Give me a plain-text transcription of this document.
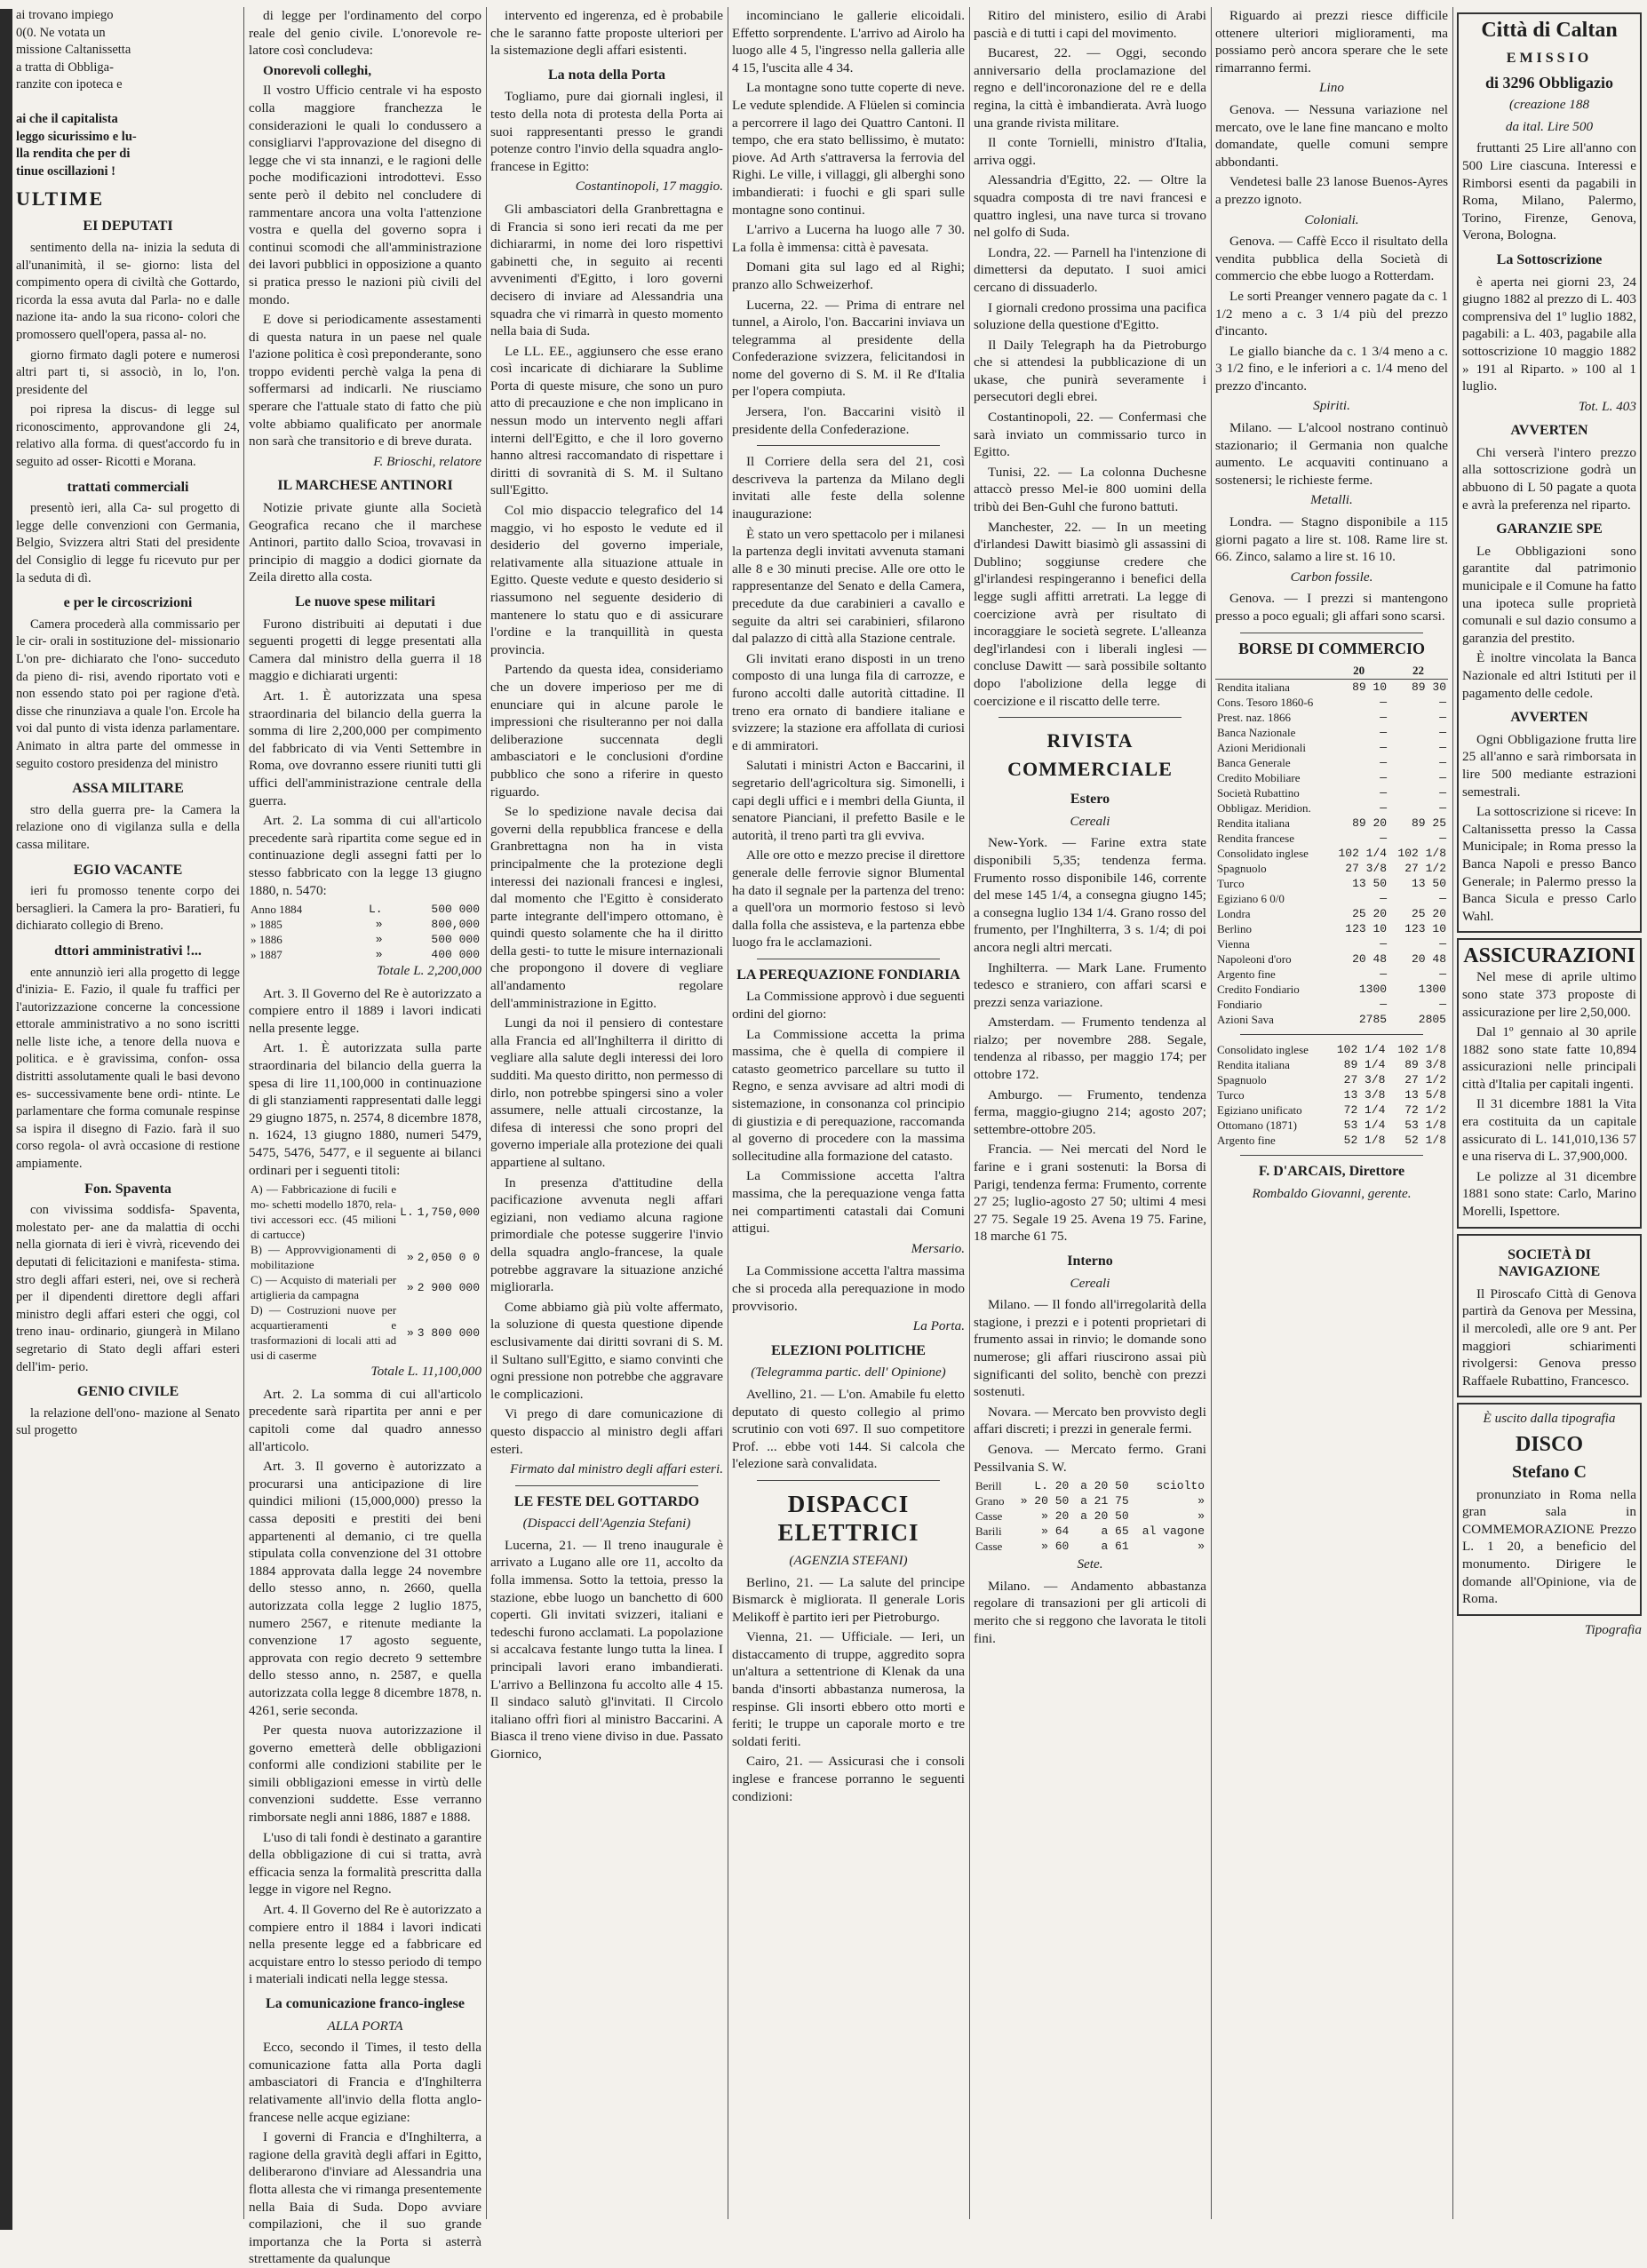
ai trovano impiego
0(0. Ne votata un
missione Caltanissetta
a tratta di Obbliga-
ranzite con ipoteca e
ai che il capitalista
leggo sicurissimo e lu-
lla rendita che per di
tinue oscillazioni !
ULTIME
EI DEPUTATI

sentimento della na- inizia la seduta di all'unanimità, il se- giorno: lista del compimento opera di civiltà che Gottardo, ricorda la essa avuta dal Parla- no e dalle nazione ita- ando la sua ricono- colori che promossero quell'opera, passa al- no.

giorno firmato dagli potere e numerosi altri part ti, si associò, in lo, l'on. presidente del

poi ripresa la discus- di legge sul riconoscimento, approvandone gli 24, relativo alla forma. di quest'accordo fu in seguito ad osser- Ricotti e Morana.

trattati commerciali

presentò ieri, alla Ca- sul progetto di legge delle convenzioni con Germania, Belgio, Svizzera altri Stati del presidente del Consiglio di legge fu ricevuto pur per la seduta di dì.

e per le circoscrizioni

Camera procederà alla commissario per le cir- orali in sostituzione del- missionario L'on pre- dichiarato che l'ono- succeduto da pieno di- risi, avendo riportato voti e non essendo stato poi per ragione d'età. disse che rinunziava a quale l'on. Ercole ha voi dal punto di vista idenza parlamentare. Animato in altra parte del ommesse in seguito costoro presidenza del ministro

ASSA MILITARE

stro della guerra pre- la Camera la relazione ono di vigilanza sulla e della cassa militare.

EGIO VACANTE

ieri fu promosso tenente corpo dei bersaglieri. la Camera la pro- Baratieri, fu dichiarato collegio di Breno.

dttori amministrativi !...

ente annunziò ieri alla progetto di legge d'inizia- E. Fazio, il quale fu traffici per l'autorizzazione concerne la concessione ettorale amministrativo a no sono iscritti nelle liste iche, a tenore della nuova e politica. e è gravissima, confon- ossa distritti assolutamente quali le basi devono es- successivamente bene ordi- ntinte. Le parlamentare che forma comunale respinse sa ispira il disegno di Fazio. farà il suo corso regola- ol avrà occasione di restione ampiamente.

Fon. Spaventa

con vivissima soddisfa- Spaventa, molestato per- ane da malattia di occhi nella giornata di ieri è vivrà, ricevendo dei deputati di felicitazioni e manifesta- stima. stro degli affari esteri, nei, ove si recherà per il dipendenti direttore degli affari ministro degli affari esteri che oggi, col treno inau- ordinario, giungerà in Milano segretario di Stato degli affari esteri dell'im- perio.

GENIO CIVILE

la relazione dell'ono- mazione al Senato sul progetto

di legge per l'ordinamento del corpo reale del genio civile. L'onorevole re- latore così concludeva:

Onorevoli colleghi,

Il vostro Ufficio centrale vi ha esposto colla maggiore franchezza le considerazioni le quali lo condussero a consigliarvi l'approvazione del disegno di legge che vi sta innanzi, e le ragioni delle poche modificazioni introdottevi. Esso sente però il debito nel concludere di rammentare ancora una volta l'attenzione vostra e quella del governo sopra i continui scomodi che all'amministrazione dei lavori pubblici in opposizione a quanto si pratica presso le nazioni più civili del mondo.

E dove si periodicamente assestamenti di questa natura in un paese nel quale l'azione politica è così preponderante, sono troppo evidenti perchè valga la pena di soffermarsi ad indicarli. Ne riusciamo sperare che l'attuale stato di fatto che più volte abbiamo qualificato per anormale non sarà che transitorio e di breve durata.

F. Brioschi, relatore
IL MARCHESE ANTINORI

Notizie private giunte alla Società Geografica recano che il marchese Antinori, partito dallo Scioa, trovavasi in principio di maggio a dodici giornate da Zeila diretto alla costa.

Le nuove spese militari

Furono distribuiti ai deputati i due seguenti progetti di legge presentati alla Camera dal ministro della guerra il 18 maggio e dichiarati urgenti:

Art. 1. È autorizzata una spesa straordinaria del bilancio della guerra la somma di lire 2,200,000 per compimento del fabbricato di via Venti Settembre in Roma, ove dovranno essere riuniti tutti gli uffici dell'amministrazione centrale della guerra.

Art. 2. La somma di cui all'articolo precedente sarà ripartita come segue ed in continuazione degli assegni fatti per lo stesso fabbricato con la legge 13 giugno 1880, n. 5470:

Anno 1884	L.	500 000
» 1885	»	800,000
» 1886	»	500 000
» 1887	»	400 000
Totale L. 2,200,000

Art. 3. Il Governo del Re è autorizzato a compiere entro il 1889 i lavori indicati nella presente legge.

Art. 1. È autorizzata sulla parte straordinaria del bilancio della guerra la spesa di lire 11,100,000 in continuazione di gli stanziamenti rappresentati dalle leggi 29 giugno 1875, n. 2574, 8 dicembre 1878, n. 1624, 13 giugno 1880, numeri 5479, 5475, 5476, 5477, e il seguente ai bilanci ordinari per i seguenti titoli:

A) — Fabbricazione di fucili e mo- schetti modello 1870, rela- tivi accessori ecc. (45 milioni di cartucce)	L.	1,750,000
B) — Approvvigionamenti di mobilitazione	»	2,050 0 0
C) — Acquisto di materiali per artiglieria da campagna	»	2 900 000
D) — Costruzioni nuove per acquartieramenti e trasformazioni di locali atti ad usi di caserme	»	3 800 000
Totale L. 11,100,000

Art. 2. La somma di cui all'articolo precedente sarà ripartita per anni e per capitoli come dal quadro annesso all'articolo.

Art. 3. Il governo è autorizzato a procurarsi una anticipazione di lire quindici milioni (15,000,000) presso la cassa depositi e prestiti dei beni appartenenti al demanio, ci tre quella stipulata colla convenzione del 31 ottobre 1884 approvata dalla legge 24 novembre dello stesso anno, n. 2660, quella autorizzata colla legge 2 luglio 1875, numero 2567, e ritenute mediante la convenzione 17 agosto seguente, approvata con regio decreto 9 settembre dello stesso anno, n. 2587, e quella autorizzata colla legge 8 dicembre 1878, n. 4261, serie seconda.

Per questa nuova autorizzazione il governo emetterà delle obbligazioni conformi alle condizioni stabilite per le simili obbligazioni emesse in virtù delle convenzioni suddette. Esse verranno rimborsate negli anni 1886, 1887 e 1888.

L'uso di tali fondi è destinato a garantire della obbligazione di cui si tratta, avrà efficacia senza la formalità prescritta dalla legge in vigore nel Regno.

Art. 4. Il Governo del Re è autorizzato a compiere entro il 1884 i lavori indicati nella presente legge ed a fabbricare ed acquistare entro lo stesso periodo di tempo i materiali indicati nella legge stessa.

La comunicazione franco-inglese
ALLA PORTA

Ecco, secondo il Times, il testo della comunicazione fatta alla Porta dagli ambasciatori di Francia e d'Inghilterra relativamente all'invio della flotta anglo-francese nelle acque egiziane:

I governi di Francia e d'Inghilterra, a ragione della gravità degli affari in Egitto, deliberarono d'inviare ad Alessandria una flotta allesta che vi rimanga presentemente nella Baia di Suda. Dopo avviare compilazioni, che il suo grande importanza che la Porta si asterrà strettamente da qualunque

intervento ed ingerenza, ed è probabile che le saranno fatte proposte ulteriori per la sistemazione degli affari esistenti.

La nota della Porta

Togliamo, pure dai giornali inglesi, il testo della nota di protesta della Porta ai suoi rappresentanti presso le grandi potenze contro l'invio della squadra anglo-francese in Egitto:

Costantinopoli, 17 maggio.

Gli ambasciatori della Granbrettagna e di Francia si sono ieri recati da me per dichiararmi, in nome dei loro rispettivi gabinetti che, in seguito ai recenti avvenimenti d'Egitto, i loro governi decisero di inviare ad Alessandria una squadra che vi rimarrà in questo momento nella baia di Suda.

Le LL. EE., aggiunsero che esse erano così incaricate di dichiarare la Sublime Porta di queste misure, che sono un puro atto di precauzione e che non implicano in nessun modo un intervento negli affari interni dell'Egitto, e che il loro governo hanno altresi raccomandato di rispettare i diritti di sovranità di S. M. il Sultano sull'Egitto.

Col mio dispaccio telegrafico del 14 maggio, vi ho esposto le vedute ed il desiderio del governo imperiale, relativamente alla situazione attuale in Egitto. Queste vedute e questo desiderio si riassumono nel seguente desiderio di mantenere lo statu quo e di assicurare l'ordine e la tranquillità in questa provincia.

Partendo da questa idea, consideriamo che un dovere imperioso per me di enunciare qui in alcune parole le impressioni che risulteranno per noi dalla deliberazione succennata degli ambasciatori e le conclusioni d'ordine pubblico che sono a riferire in questo riguardo.

Se lo spedizione navale decisa dai governi della repubblica francese e della Granbrettagna non ha in vista principalmente che la protezione degli interessi dei nazionali francesi e inglesi, dal momento che l'Egitto è considerato parte integrante dell'impero ottomano, è quindi questo solamente che ha il diritto della gesti- to tutte le misure internazionali che propongono il dovere di vegliare all'andamento regolare dell'amministrazione in Egitto.

Lungi da noi il pensiero di contestare alla Francia ed all'Inghilterra il diritto di vegliare alla salute degli interessi dei loro sudditi. Ma questo diritto, non permesso di dirlo, non potrebbe spingersi sino a voler assumere, nelle attuali circostanze, la difesa di interessi che sono propri del governo imperiale alla protezione dei quali appartiene al sultano.

In presenza d'attitudine della pacificazione avvenuta negli affari egiziani, non vediamo alcuna ragione primordiale che potesse suggerire l'invio della squadra anglo-francese, la quale potrebbe aggravare la situazione anziché migliorarla.

Come abbiamo già più volte affermato, la soluzione di questa questione dipende esclusivamente dai diritti sovrani di S. M. il Sultano sull'Egitto, e siamo convinti che ogni pressione non potrebbe che aggravare le complicazioni.

Vi prego di dare comunicazione di questo dispaccio al ministro degli affari esteri.

Firmato dal ministro degli affari esteri.
LE FESTE DEL GOTTARDO
(Dispacci dell'Agenzia Stefani)

Lucerna, 21. — Il treno inaugurale è arrivato a Lugano alle ore 11, accolto da folla immensa. Sotto la tettoia, presso la stazione, ebbe luogo un banchetto di 600 coperti. Gli invitati svizzeri, italiani e tedeschi furono acclamati. La popolazione si accalcava festante lungo tutta la linea. I principali lavori erano imbandierati. L'arrivo a Bellinzona fu accolto alle 4 15. Il sindaco salutò gl'invitati. Il Circolo italiano offrì fiori al ministro Baccarini. A Biasca il treno viene diviso in due. Passato Giornico,

incominciano le gallerie elicoidali. Effetto sorprendente. L'arrivo ad Airolo ha luogo alle 4 5, l'ingresso nella galleria alle 4 15, l'uscita alle 4 34.

La montagne sono tutte coperte di neve. Le vedute splendide. A Flüelen si comincia a percorrere il lago dei Quattro Cantoni. Il tempo, che era stato bellissimo, è mutato: piove. Ad Arth s'attraversa la ferrovia del Righi. Le ville, i villaggi, gli alberghi sono imbandierati: i fuochi e gli spari sulle montagne sono continui.

L'arrivo a Lucerna ha luogo alle 7 30. La folla è immensa: città è pavesata.

Domani gita sul lago ed al Righi; pranzo allo Schweizerhof.

Lucerna, 22. — Prima di entrare nel tunnel, a Airolo, l'on. Baccarini inviava un telegramma al presidente della Confederazione svizzera, felicitandosi in nome del governo di S. M. il Re d'Italia per l'opera compiuta.

Jersera, l'on. Baccarini visitò il presidente della Confederazione.

Il Corriere della sera del 21, così descriveva la partenza da Milano degli invitati alle feste della solenne inaugurazione:

È stato un vero spettacolo per i milanesi la partenza degli invitati avvenuta stamani alle 8 e 30 minuti precise. Alle ore otto le rappresentanze del Senato e della Camera, precedute da due carabinieri a cavallo e seguite da altri sei carabinieri, sfilarono dal palazzo di città alla Stazione centrale.

Gli invitati erano disposti in un treno composto di una lunga fila di carrozze, e furono accolti dalle autorità cittadine. Il treno era ornato di bandiere italiane e svizzere; la stazione era affollata di curiosi e di ammiratori.

Salutati i ministri Acton e Baccarini, il segretario dell'agricoltura sig. Simonelli, i capi degli uffici e i membri della Giunta, il senatore Pianciani, il prefetto Basile e le autorità, il treno partì tra gli evviva.

Alle ore otto e mezzo precise il direttore generale delle ferrovie signor Blumental ha dato il segnale per la partenza del treno: a quell'ora un mormorio festoso si levò dalla folla che assisteva, e la partenza ebbe luogo fra le acclamazioni.

LA PEREQUAZIONE FONDIARIA

La Commissione approvò i due seguenti ordini del giorno:

La Commissione accetta la prima massima, che è quella di compiere il catasto geometrico parcellare su tutto il Regno, e senza avvisare ad altri modi di sistemazione, in consonanza col principio di giustizia e di perequazione, raccomanda al governo di procedere con la massima sollecitudine alla formazione del catasto.

La Commissione accetta l'altra massima, che la perequazione venga fatta nei compartimenti catastali dai Comuni attigui.

Mersario.

La Commissione accetta l'altra massima che si proceda alla perequazione in modo provvisorio.

La Porta.
ELEZIONI POLITICHE
(Telegramma partic. dell' Opinione)

Avellino, 21. — L'on. Amabile fu eletto deputato di questo collegio al primo scrutinio con voti 697. Il suo competitore Prof. ... ebbe voti 144. Si calcola che l'elezione sarà convalidata.

DISPACCI ELETTRICI
(AGENZIA STEFANI)

Berlino, 21. — La salute del principe Bismarck è migliorata. Il generale Loris Melikoff è partito ieri per Pietroburgo.

Vienna, 21. — Ufficiale. — Ieri, un distaccamento di truppe, aggredito sopra un'altura a settentrione di Klenak da una banda d'insorti abbastanza numerosa, la respinse. Gli insorti ebbero otto morti e feriti; le truppe un caporale morto e tre soldati feriti.

Cairo, 21. — Assicurasi che i consoli inglese e francese porranno le seguenti condizioni:

Ritiro del ministero, esilio di Arabi pascià e di tutti i capi del movimento.

Bucarest, 22. — Oggi, secondo anniversario della proclamazione del regno e dell'incoronazione del re e della regina, la città è imbandierata. Avrà luogo una grande rivista militare.

Il conte Tornielli, ministro d'Italia, arriva oggi.

Alessandria d'Egitto, 22. — Oltre la squadra composta di tre navi francesi e quattro inglesi, una nave turca si trovano nel golfo di Suda.

Londra, 22. — Parnell ha l'intenzione di dimettersi da deputato. I suoi amici cercano di dissuaderlo.

I giornali credono prossima una pacifica soluzione della questione d'Egitto.

Il Daily Telegraph ha da Pietroburgo che si attendesi la pubblicazione di un ukase, che punirà severamente i persecutori degli ebrei.

Costantinopoli, 22. — Confermasi che sarà inviato un commissario turco in Egitto.

Tunisi, 22. — La colonna Duchesne attaccò presso Mel-ie 800 uomini della tribù dei Ben-Guhl che furono battuti.

Manchester, 22. — In un meeting d'irlandesi Dawitt biasimò gli assassini di Dublino; soggiunse credere che gl'irlandesi respingeranno i benefici della legge sugli affitti arretrati. La legge di coercizione avrà per risultato di incoraggiare le società segrete. L'alleanza degl'irlandesi con i liberali inglesi — concluse Dawitt — sarà possibile soltanto dopo l'abolizione della legge di coercizione e il riscatto delle terre.

RIVISTA COMMERCIALE
Estero
Cereali

New-York. — Farine extra state disponibili 5,35; tendenza ferma. Frumento rosso disponibile 146, corrente del mese 145 1/4, a consegna giugno 145; a consegna luglio 134 1/4. Grano rosso del frumento, per l'Inghilterra, 3 s. 1/4; di poi ancora negli altri mercati.

Inghilterra. — Mark Lane. Frumento tedesco e straniero, con affari scarsi e prezzi senza variazione.

Amsterdam. — Frumento tendenza al rialzo; per novembre 288. Segale, tendenza al ribasso, per maggio 174; per ottobre 172.

Amburgo. — Frumento, tendenza ferma, maggio-giugno 214; agosto 207; settembre-ottobre 205.

Francia. — Nei mercati del Nord le farine e i grani sostenuti: la Borsa di Parigi, tendenza ferma: Frumento, corrente 27 25; luglio-agosto 27 50; ultimi 4 mesi 27 75. Segale 19 25. Avena 19 75. Farine, 18 marche 61 75.

Interno
Cereali

Milano. — Il fondo all'irregolarità della stagione, i prezzi e i potenti proprietari di frumento assai in rinvio; le domande sono numerose; gli affari riuscirono assai più significanti del solito, benchè con prezzi sostenuti.

Novara. — Mercato ben provvisto degli affari discreti; i prezzi in generale fermi.

Genova. — Mercato fermo. Grani Pessilvania S. W.

Berill	L. 20	a 20 50	sciolto
Grano	» 20 50	a 21 75	»
Casse	» 20	a 20 50	»
Barili	» 64	a 65	al vagone
Casse	» 60	a 61	»
Sete.

Milano. — Andamento abbastanza regolare di transazioni per gli articoli di merito che si reggono che lavorata le titoli fini.

Riguardo ai prezzi riesce difficile ottenere ulteriori miglioramenti, ma possiamo però ancora sperare che le sete rimarranno fermi.

Lino

Genova. — Nessuna variazione nel mercato, ove le lane fine mancano e molto domandate, quelle comuni sempre abbondanti.

Vendetesi balle 23 lanose Buenos-Ayres a prezzo ignoto.

Coloniali.

Genova. — Caffè Ecco il risultato della vendita pubblica della Società di commercio che ebbe luogo a Rotterdam.

Le sorti Preanger vennero pagate da c. 1 1/2 meno a c. 3 1/4 più del prezzo d'incanto.

Le giallo bianche da c. 1 3/4 meno a c. 3 1/2 fino, e le inferiori a c. 1/4 meno del prezzo d'incanto.

Spiriti.

Milano. — L'alcool nostrano continuò stazionario; il Germania non qualche aumento. Le acquaviti continuano a sostenersi; le richieste ferme.

Metalli.

Londra. — Stagno disponibile a 115 giorni pagato a lire st. 108. Rame lire st. 66. Zinco, salamo a lire st. 16 10.

Carbon fossile.

Genova. — I prezzi si mantengono presso a poco eguali; gli affari sono scarsi.

BORSE DI COMMERCIO
	20	22
Rendita italiana	89 10	89 30
Cons. Tesoro 1860-6	—	—
Prest. naz. 1866	—	—
Banca Nazionale	—	—
Azioni Meridionali	—	—
Banca Generale	—	—
Credito Mobiliare	—	—
Società Rubattino	—	—
Obbligaz. Meridion.	—	—
Rendita italiana	89 20	89 25
Rendita francese	—	—
Consolidato inglese	102 1/4	102 1/8
Spagnuolo	27 3/8	27 1/2
Turco	13 50	13 50
Egiziano 6 0/0	—	—
Londra	25 20	25 20
Berlino	123 10	123 10
Vienna	—	—
Napoleoni d'oro	20 48	20 48
Argento fine	—	—
Credito Fondiario	1300	1300
Fondiario	—	—
Azioni Sava	2785	2805
Consolidato inglese	102 1/4	102 1/8
Rendita italiana	89 1/4	89 3/8
Spagnuolo	27 3/8	27 1/2
Turco	13 3/8	13 5/8
Egiziano unificato	72 1/4	72 1/2
Ottomano (1871)	53 1/4	53 1/8
Argento fine	52 1/8	52 1/8
F. D'ARCAIS, Direttore
Rombaldo Giovanni, gerente.
Città di Caltan
EMISSIO
di 3296 Obbligazio
(creazione 188
da ital. Lire 500

fruttanti 25 Lire all'anno con 500 Lire ciascuna. Interessi e Rimborsi esenti da pagabili in Roma, Milano, Palermo, Torino, Firenze, Genova, Verona, Bologna.

La Sottoscrizione

è aperta nei giorni 23, 24 giugno 1882 al prezzo di L. 403 comprensiva del 1º luglio 1882, pagabili: a L. 403, pagabile alla sottoscrizione 10 maggio 1882 » 191 al Riparto. » 100 al 1 luglio.

Tot. L. 403
AVVERTEN

Chi verserà l'intero prezzo alla sottoscrizione godrà un abbuono di L 50 pagate a quota e avrà la preferenza nel riparto.

GARANZIE SPE

Le Obbligazioni sono garantite dal patrimonio municipale e il Comune ha fatto una ipoteca sulle proprietà comunali e sul dazio consumo a garanzia del prestito.

È inoltre vincolata la Banca Nazionale ed altri Istituti per il pagamento delle cedole.

AVVERTEN

Ogni Obbligazione frutta lire 25 all'anno e sarà rimborsata in lire 500 mediante estrazioni semestrali.

La sottoscrizione si riceve: In Caltanissetta presso la Cassa Municipale; in Roma presso la Banca Napoli e presso Banco Generale; in Palermo presso la Banca Sicula e presso Carlo Wahl.

ASSICURAZIONI

Nel mese di aprile ultimo sono state 373 proposte di assicurazione per lire 2,50,000.

Dal 1º gennaio al 30 aprile 1882 sono state fatte 10,894 assicurazioni nelle principali città d'Italia per capitali ingenti.

Il 31 dicembre 1881 la Vita era costituita da un capitale assicurato di L. 141,010,136 57 e una riserva di L. 37,900,000.

Le polizze al 31 dicembre 1881 sono state: Carlo, Marino Morelli, Ispettore.

SOCIETÀ DI NAVIGAZIONE

Il Piroscafo Città di Genova partirà da Genova per Messina, il mercoledì, alle ore 9 ant. Per maggiori schiarimenti rivolgersi: Genova presso Raffaele Rubattino, Francesco.

È uscito dalla tipografia
DISCO
Stefano C

pronunziato in Roma nella gran sala in COMMEMORAZIONE Prezzo L. 1 20, a beneficio del monumento. Dirigere le domande all'Opinione, via de Roma.

Tipografia
